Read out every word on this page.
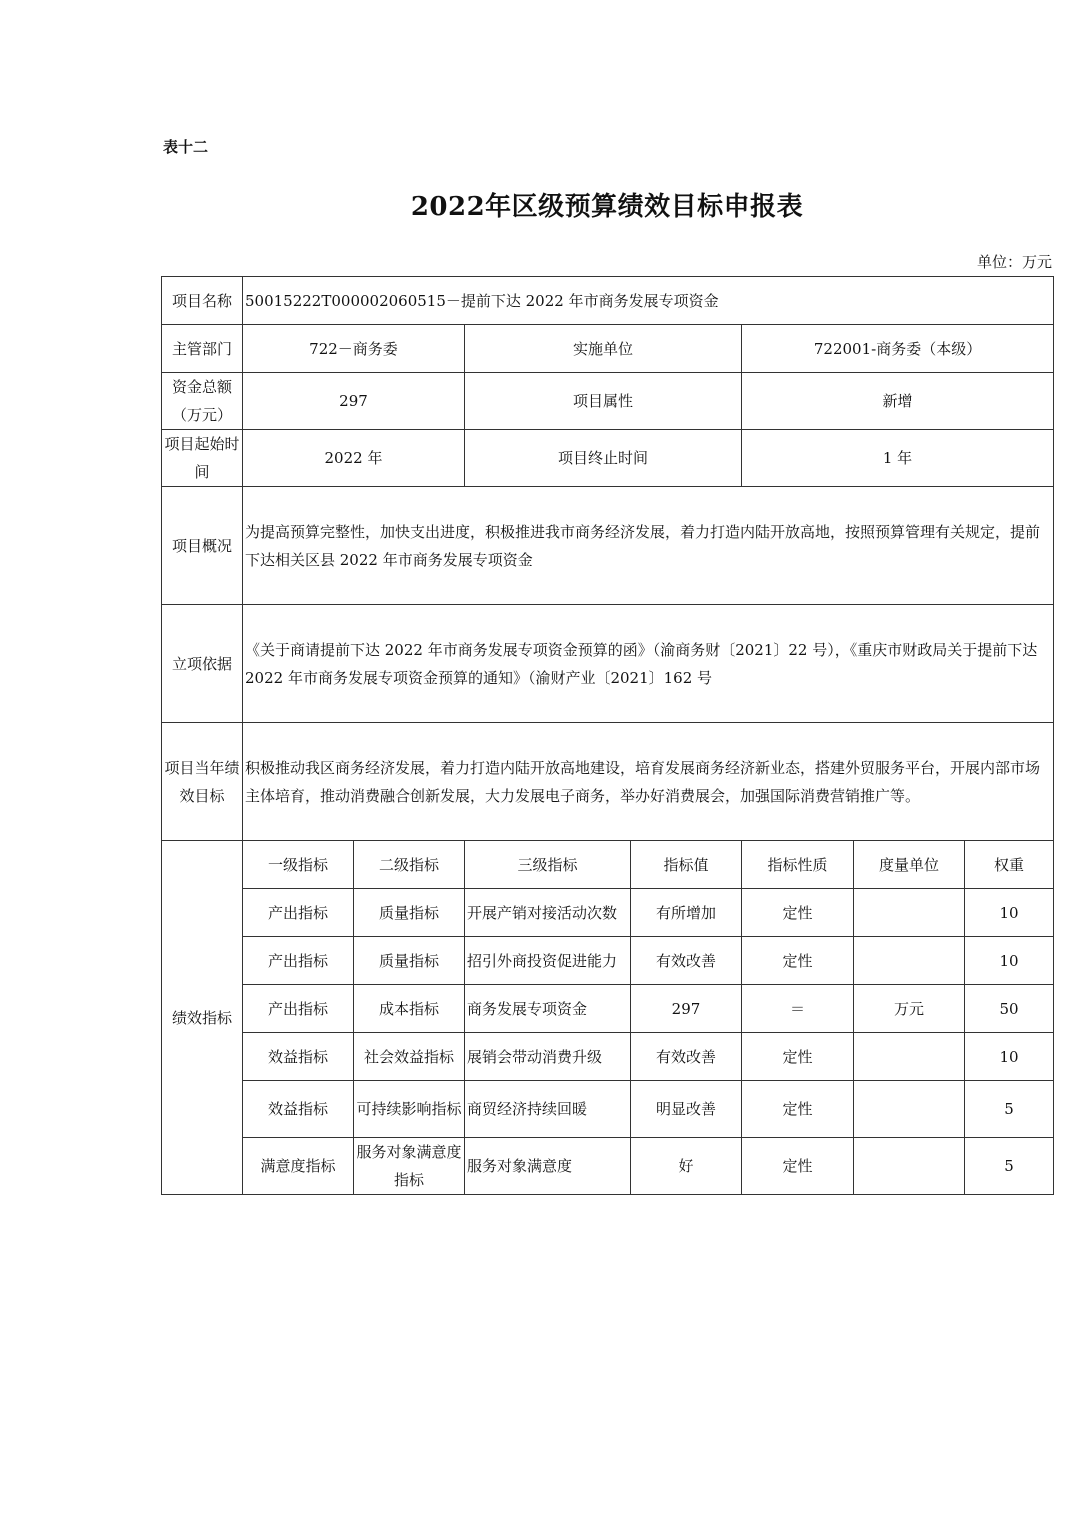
表十二
2022年区级预算绩效目标申报表
单位：万元
项目名称	50015222T000002060515－提前下达 2022 年市商务发展专项资金						
主管部门	722－商务委		实施单位		722001-商务委（本级）		
资金总额（万元）	297		项目属性		新增		
项目起始时间	2022 年		项目终止时间		1 年		
项目概况	为提高预算完整性，加快支出进度，积极推进我市商务经济发展，着力打造内陆开放高地，按照预算管理有关规定，提前下达相关区县 2022 年市商务发展专项资金						
立项依据	《关于商请提前下达 2022 年市商务发展专项资金预算的函》（渝商务财〔2021〕22 号），《重庆市财政局关于提前下达 2022 年市商务发展专项资金预算的通知》（渝财产业〔2021〕162 号						
项目当年绩效目标	积极推动我区商务经济发展，着力打造内陆开放高地建设，培育发展商务经济新业态，搭建外贸服务平台，开展内部市场主体培育，推动消费融合创新发展，大力发展电子商务，举办好消费展会，加强国际消费营销推广等。						
绩效指标	一级指标	二级指标	三级指标	指标值	指标性质	度量单位	权重
	产出指标	质量指标	开展产销对接活动次数	有所增加	定性		10
	产出指标	质量指标	招引外商投资促进能力	有效改善	定性		10
	产出指标	成本指标	商务发展专项资金	297	＝	万元	50
	效益指标	社会效益指标	展销会带动消费升级	有效改善	定性		10
	效益指标	可持续影响指标	商贸经济持续回暖	明显改善	定性		5
	满意度指标	服务对象满意度指标	服务对象满意度	好	定性		5
